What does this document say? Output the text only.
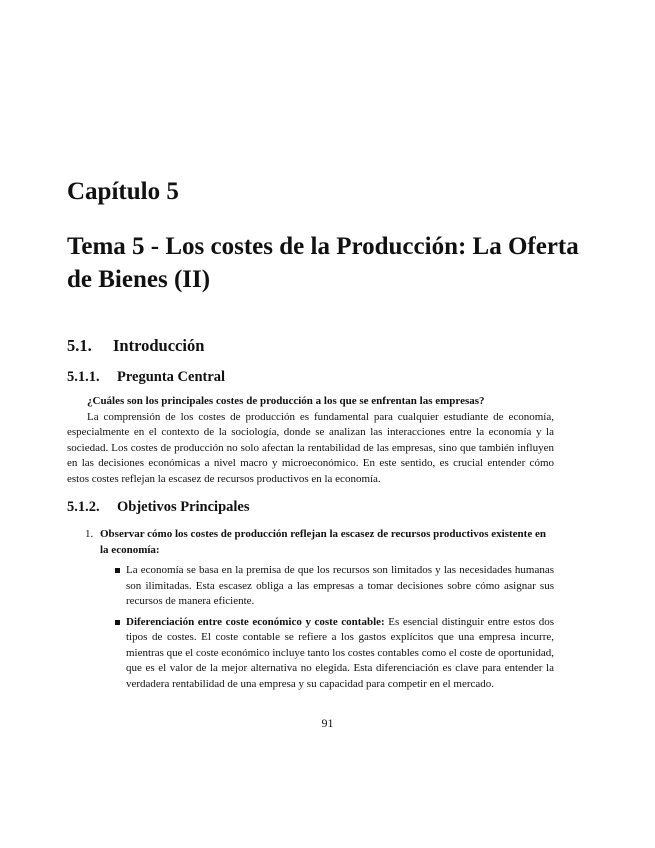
Capítulo 5
Tema 5 - Los costes de la Producción: La Oferta de Bienes (II)
5.1. Introducción
5.1.1. Pregunta Central

¿Cuáles son los principales costes de producción a los que se enfrentan las empresas?

La comprensión de los costes de producción es fundamental para cualquier estudiante de economía, especialmente en el contexto de la sociología, donde se analizan las interacciones entre la economía y la sociedad. Los costes de producción no solo afectan la rentabilidad de las empresas, sino que también influyen en las decisiones económicas a nivel macro y microeconómico. En este sentido, es crucial entender cómo estos costes reflejan la escasez de recursos productivos en la economía.

5.1.2. Objetivos Principales
1. Observar cómo los costes de producción reflejan la escasez de recursos productivos existente en la economía:
La economía se basa en la premisa de que los recursos son limitados y las necesidades humanas son ilimitadas. Esta escasez obliga a las empresas a tomar decisiones sobre cómo asignar sus recursos de manera eficiente.
Diferenciación entre coste económico y coste contable: Es esencial distinguir entre estos dos tipos de costes. El coste contable se refiere a los gastos explícitos que una empresa incurre, mientras que el coste económico incluye tanto los costes contables como el coste de oportunidad, que es el valor de la mejor alternativa no elegida. Esta diferenciación es clave para entender la verdadera rentabilidad de una empresa y su capacidad para competir en el mercado.
91
